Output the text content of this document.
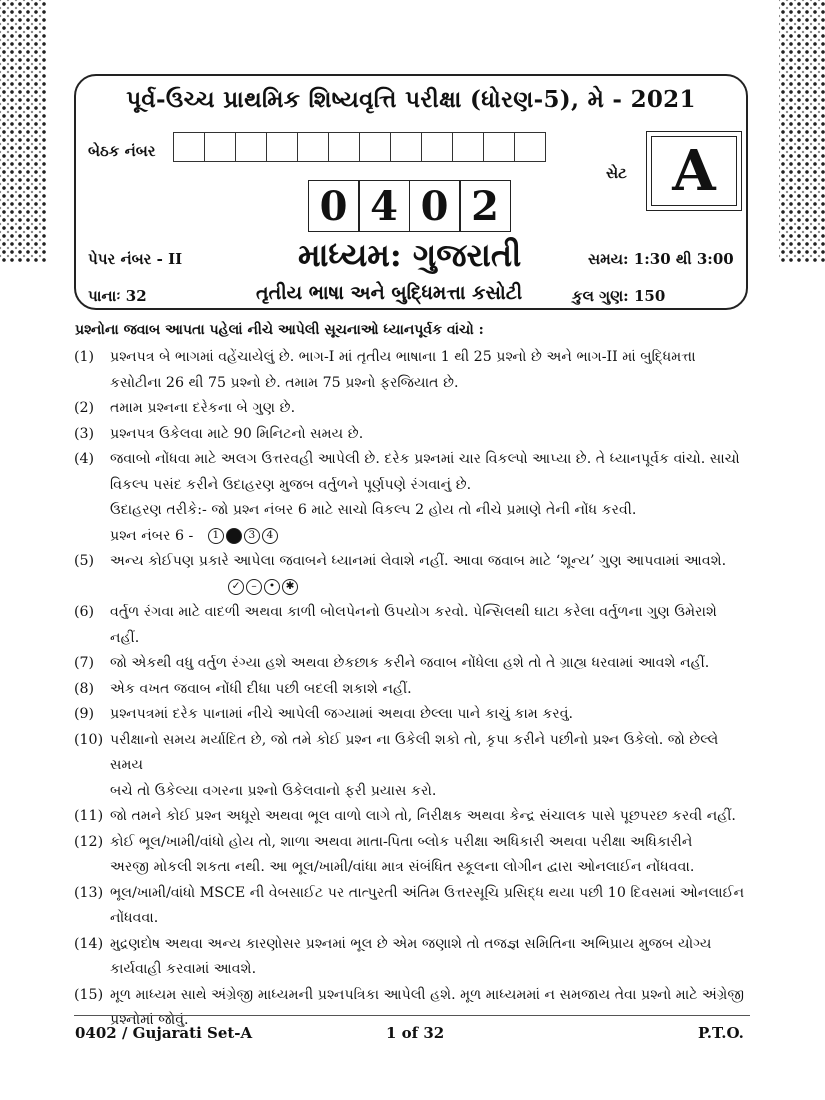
પૂર્વ-ઉચ્ચ પ્રાથમિક શિષ્યવૃત્તિ પરીક્ષા (ધોરણ-5), મે - 2021
બેઠક નંબર
સેટ A
0 4 0 2
પેપર નંબર - II	માધ્યમ: ગુજરાતી	સમય: 1:30 થી 3:00
પાનાઃ 32	તૃતીય ભાષા અને બુદ્ધિમત્તા કસોટી	કુલ ગુણ: 150
પ્રશ્નોના જવાબ આપતા પહેલાં નીચે આપેલી સૂચનાઓ ધ્યાનપૂર્વક વાંચો :
(1)	પ્રશ્નપત્ર બે ભાગમાં વહેંચાયેલું છે. ભાગ-I માં તૃતીય ભાષાના 1 થી 25 પ્રશ્નો છે અને ભાગ-II માં બુદ્ધિમત્તા
કસોટીના 26 થી 75 પ્રશ્નો છે. તમામ 75 પ્રશ્નો ફરજિયાત છે.
(2)	તમામ પ્રશ્નના દરેકના બે ગુણ છે.
(3)	પ્રશ્નપત્ર ઉકેલવા માટે 90 મિનિટનો સમય છે.
(4)	જવાબો નોંધવા માટે અલગ ઉત્તરવહી આપેલી છે. દરેક પ્રશ્નમાં ચાર વિકલ્પો આપ્યા છે. તે ધ્યાનપૂર્વક વાંચો. સાચો
વિકલ્પ પસંદ કરીને ઉદાહરણ મુજબ વર્તુળને પૂર્ણપણે રંગવાનું છે.
ઉદાહરણ તરીકે:- જો પ્રશ્ન નંબર 6 માટે સાચો વિકલ્પ 2 હોય તો નીચે પ્રમાણે તેની નોંધ કરવી.
પ્રશ્ન નંબર 6 -	1	3	4
(5)	અન્ય કોઈપણ પ્રકારે આપેલા જવાબને ધ્યાનમાં લેવાશે નહીં. આવા જવાબ માટે ‘શૂન્ય’ ગુણ આપવામાં આવશે.
✓	–	•	✱
(6)	વર્તુળ રંગવા માટે વાદળી અથવા કાળી બોલપેનનો ઉપયોગ કરવો. પેન્સિલથી ઘાટા કરેલા વર્તુળના ગુણ ઉમેરાશે નહીં.
(7)	જો એકથી વધુ વર્તુળ રંગ્યા હશે અથવા છેકછાક કરીને જવાબ નોંધેલા હશે તો તે ગ્રાહ્ય ધરવામાં આવશે નહીં.
(8)	એક વખત જવાબ નોંધી દીધા પછી બદલી શકાશે નહીં.
(9)	પ્રશ્નપત્રમાં દરેક પાનામાં નીચે આપેલી જગ્યામાં અથવા છેલ્લા પાને કાચું કામ કરવું.
(10) પરીક્ષાનો સમય મર્યાદિત છે, જો તમે કોઈ પ્રશ્ન ના ઉકેલી શકો તો, કૃપા કરીને પછીનો પ્રશ્ન ઉકેલો. જો છેલ્લે સમય
બચે તો ઉકેલ્યા વગરના પ્રશ્નો ઉકેલવાનો ફરી પ્રયાસ કરો.
(11) જો તમને કોઈ પ્રશ્ન અધૂરો અથવા ભૂલ વાળો લાગે તો, નિરીક્ષક અથવા કેન્દ્ર સંચાલક પાસે પૂછપરછ કરવી નહીં.
(12) કોઈ ભૂલ/ખામી/વાંધો હોય તો, શાળા અથવા માતા-પિતા બ્લોક પરીક્ષા અધિકારી અથવા પરીક્ષા અધિકારીને
અરજી મોકલી શકતા નથી. આ ભૂલ/ખામી/વાંધા માત્ર સંબંધિત સ્કૂલના લોગીન દ્વારા ઓનલાઈન નોંધવવા.
(13) ભૂલ/ખામી/વાંધો MSCE ની વેબસાઈટ પર તાત્પુરતી અંતિમ ઉત્તરસૂચિ પ્રસિદ્ધ થયા પછી 10 દિવસમાં ઓનલાઈન
નોંધવવા.
(14) મુદ્રણદોષ અથવા અન્ય કારણોસર પ્રશ્નમાં ભૂલ છે એમ જણાશે તો તજજ્ઞ સમિતિના અભિપ્રાય મુજબ યોગ્ય
કાર્યવાહી કરવામાં આવશે.
(15) મૂળ માધ્યમ સાથે અંગ્રેજી માધ્યમની પ્રશ્નપત્રિકા આપેલી હશે. મૂળ માધ્યમમાં ન સમજાય તેવા પ્રશ્નો માટે અંગ્રેજી
પ્રશ્નોમાં જોવું.
0402 / Gujarati Set-A	1 of 32	P.T.O.
